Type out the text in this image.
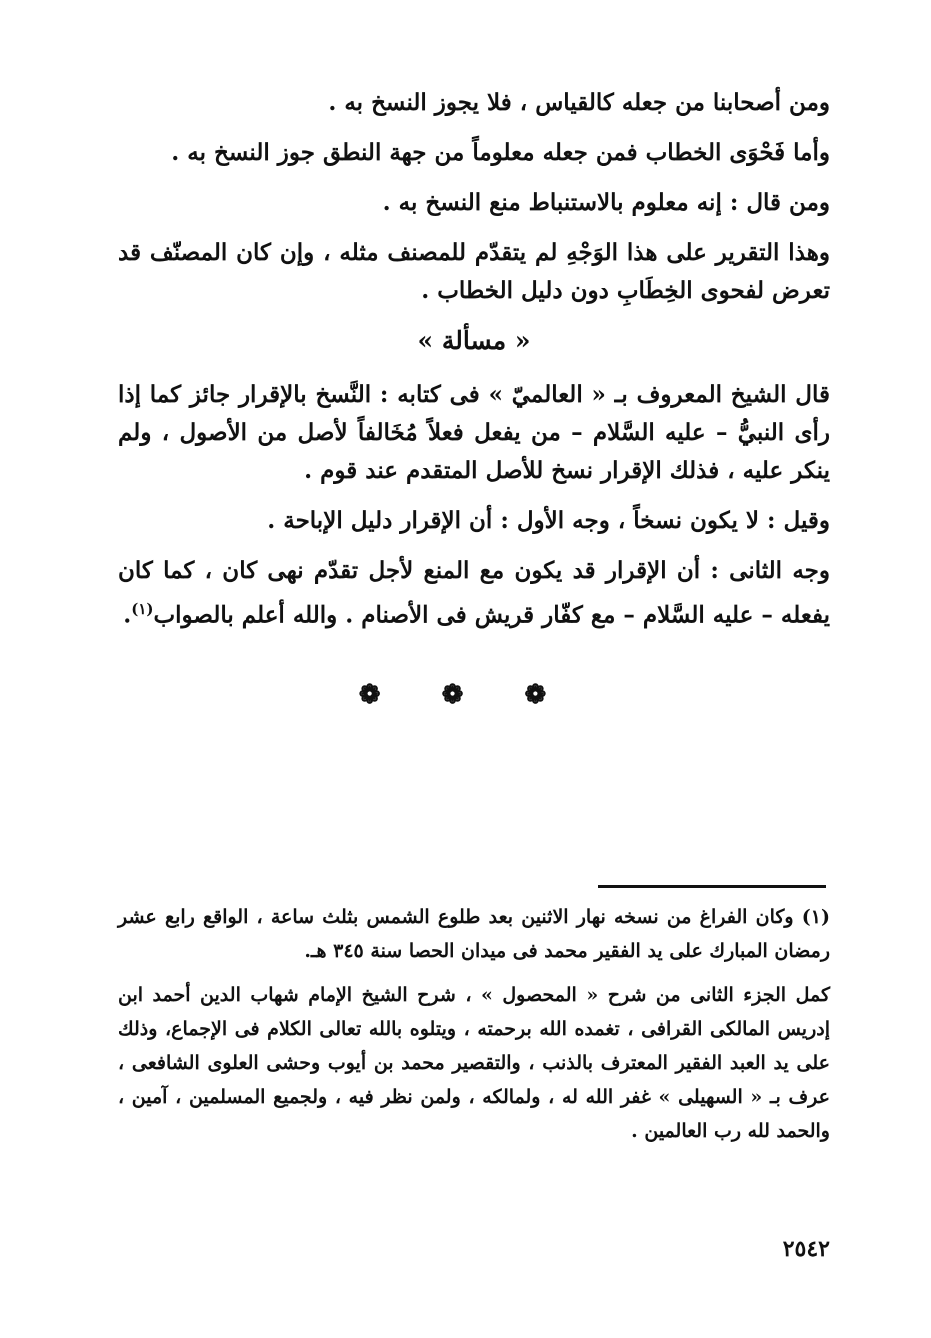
ومن أصحابنا من جعله كالقياس ، فلا يجوز النسخ به .

وأما فَحْوَى الخطاب فمن جعله معلوماً من جهة النطق جوز النسخ به .

ومن قال : إنه معلوم بالاستنباط منع النسخ به .

وهذا التقرير على هذا الوَجْهِ لم يتقدّم للمصنف مثله ، وإن كان المصنّف قد تعرض لفحوى الخِطَابِ دون دليل الخطاب .

« مسألة »

قال الشيخ المعروف بـ « العالميّ » فى كتابه : النَّسخ بالإقرار جائز كما إذا رأى النبيُّ – عليه السَّلام – من يفعل فعلاً مُخَالفاً لأصل من الأصول ، ولم ينكر عليه ، فذلك الإقرار نسخ للأصل المتقدم عند قوم .

وقيل : لا يكون نسخاً ، وجه الأول : أن الإقرار دليل الإباحة .

وجه الثانى : أن الإقرار قد يكون مع المنع لأجل تقدّم نهى كان ، كما كان يفعله – عليه السَّلام – مع كفّار قريش فى الأصنام . والله أعلم بالصواب$^{(١)}$.

❁ ❁ ❁

(١) وكان الفراغ من نسخه نهار الاثنين بعد طلوع الشمس بثلث ساعة ، الواقع رابع عشر رمضان المبارك على يد الفقير محمد فى ميدان الحصا سنة ٣٤٥ هـ.

كمل الجزء الثانى من شرح « المحصول » ، شرح الشيخ الإمام شهاب الدين أحمد ابن إدريس المالكى القرافى ، تغمده الله برحمته ، ويتلوه بالله تعالى الكلام فى الإجماع، وذلك على يد العبد الفقير المعترف بالذنب ، والتقصير محمد بن أيوب وحشى العلوى الشافعى ، عرف بـ « السهيلى » غفر الله له ، ولمالكه ، ولمن نظر فيه ، ولجميع المسلمين ، آمين ، والحمد لله رب العالمين .

٢٥٤٢
